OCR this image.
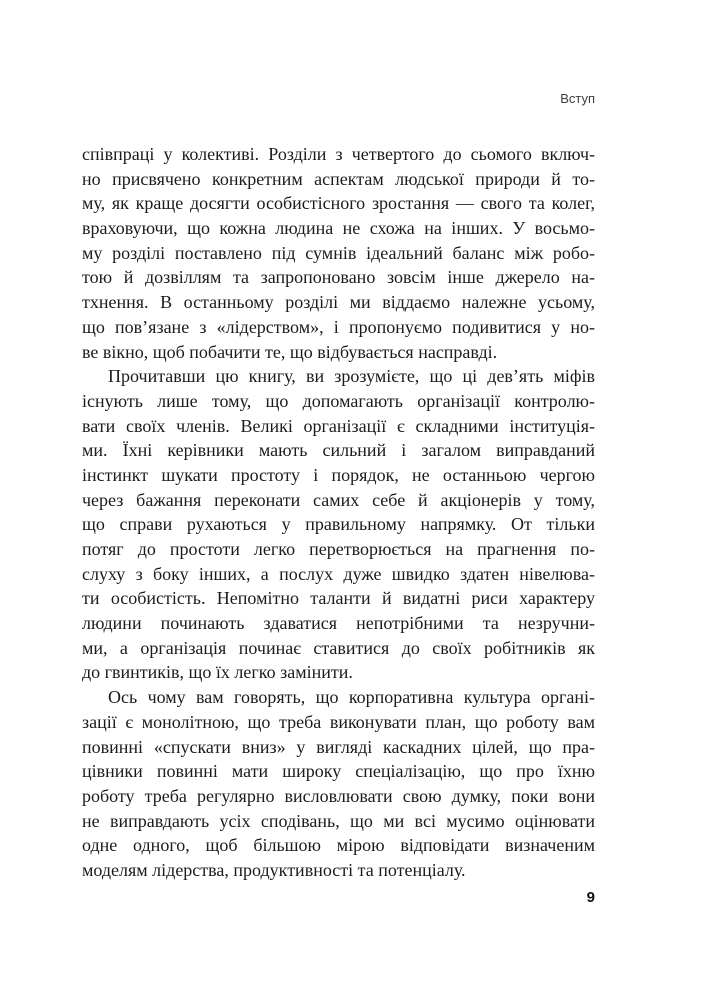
Вступ
співпраці у колективі. Розділи з четвертого до сьомого включ-
но присвячено конкретним аспектам людської природи й то-
му, як краще досягти особистісного зростання — свого та колег,
враховуючи, що кожна людина не схожа на інших. У восьмо-
му розділі поставлено під сумнів ідеальний баланс між робо-
тою й дозвіллям та запропоновано зовсім інше джерело на-
тхнення. В останньому розділі ми віддаємо належне усьому,
що пов’язане з «лідерством», і пропонуємо подивитися у но-
ве вікно, щоб побачити те, що відбувається насправді.
Прочитавши цю книгу, ви зрозумієте, що ці дев’ять міфів
існують лише тому, що допомагають організації контролю-
вати своїх членів. Великі організації є складними інституція-
ми. Їхні керівники мають сильний і загалом виправданий
інстинкт шукати простоту і порядок, не останньою чергою
через бажання переконати самих себе й акціонерів у тому,
що справи рухаються у правильному напрямку. От тільки
потяг до простоти легко перетворюється на прагнення по-
слуху з боку інших, а послух дуже швидко здатен нівелюва-
ти особистість. Непомітно таланти й видатні риси характеру
людини починають здаватися непотрібними та незручни-
ми, а організація починає ставитися до своїх робітників як
до гвинтиків, що їх легко замінити.
Ось чому вам говорять, що корпоративна культура органі-
зації є монолітною, що треба виконувати план, що роботу вам
повинні «спускати вниз» у вигляді каскадних цілей, що пра-
цівники повинні мати широку спеціалізацію, що про їхню
роботу треба регулярно висловлювати свою думку, поки вони
не виправдають усіх сподівань, що ми всі мусимо оцінювати
одне одного, щоб більшою мірою відповідати визначеним
моделям лідерства, продуктивності та потенціалу.
9
